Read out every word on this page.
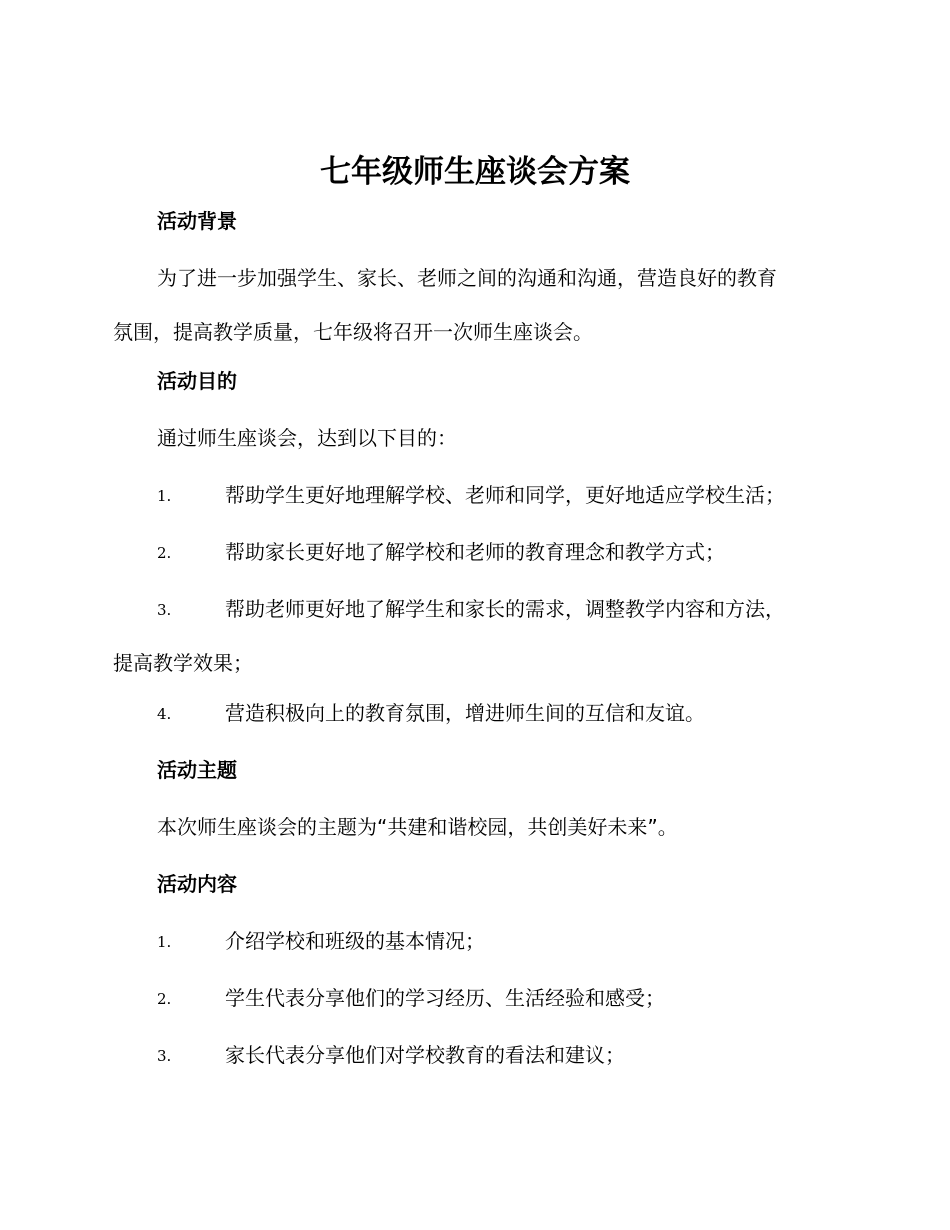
七年级师生座谈会方案
活动背景

为了进一步加强学生、家长、老师之间的沟通和沟通，营造良好的教育
氛围，提高教学质量，七年级将召开一次师生座谈会。

活动目的

通过师生座谈会，达到以下目的：

1.	帮助学生更好地理解学校、老师和同学，更好地适应学校生活；
2.	帮助家长更好地了解学校和老师的教育理念和教学方式；
3.	帮助老师更好地了解学生和家长的需求，调整教学内容和方法，
提高教学效果；
4.	营造积极向上的教育氛围，增进师生间的互信和友谊。
活动主题

本次师生座谈会的主题为“共建和谐校园，共创美好未来”。

活动内容
1.	介绍学校和班级的基本情况；
2.	学生代表分享他们的学习经历、生活经验和感受；
3.	家长代表分享他们对学校教育的看法和建议；
